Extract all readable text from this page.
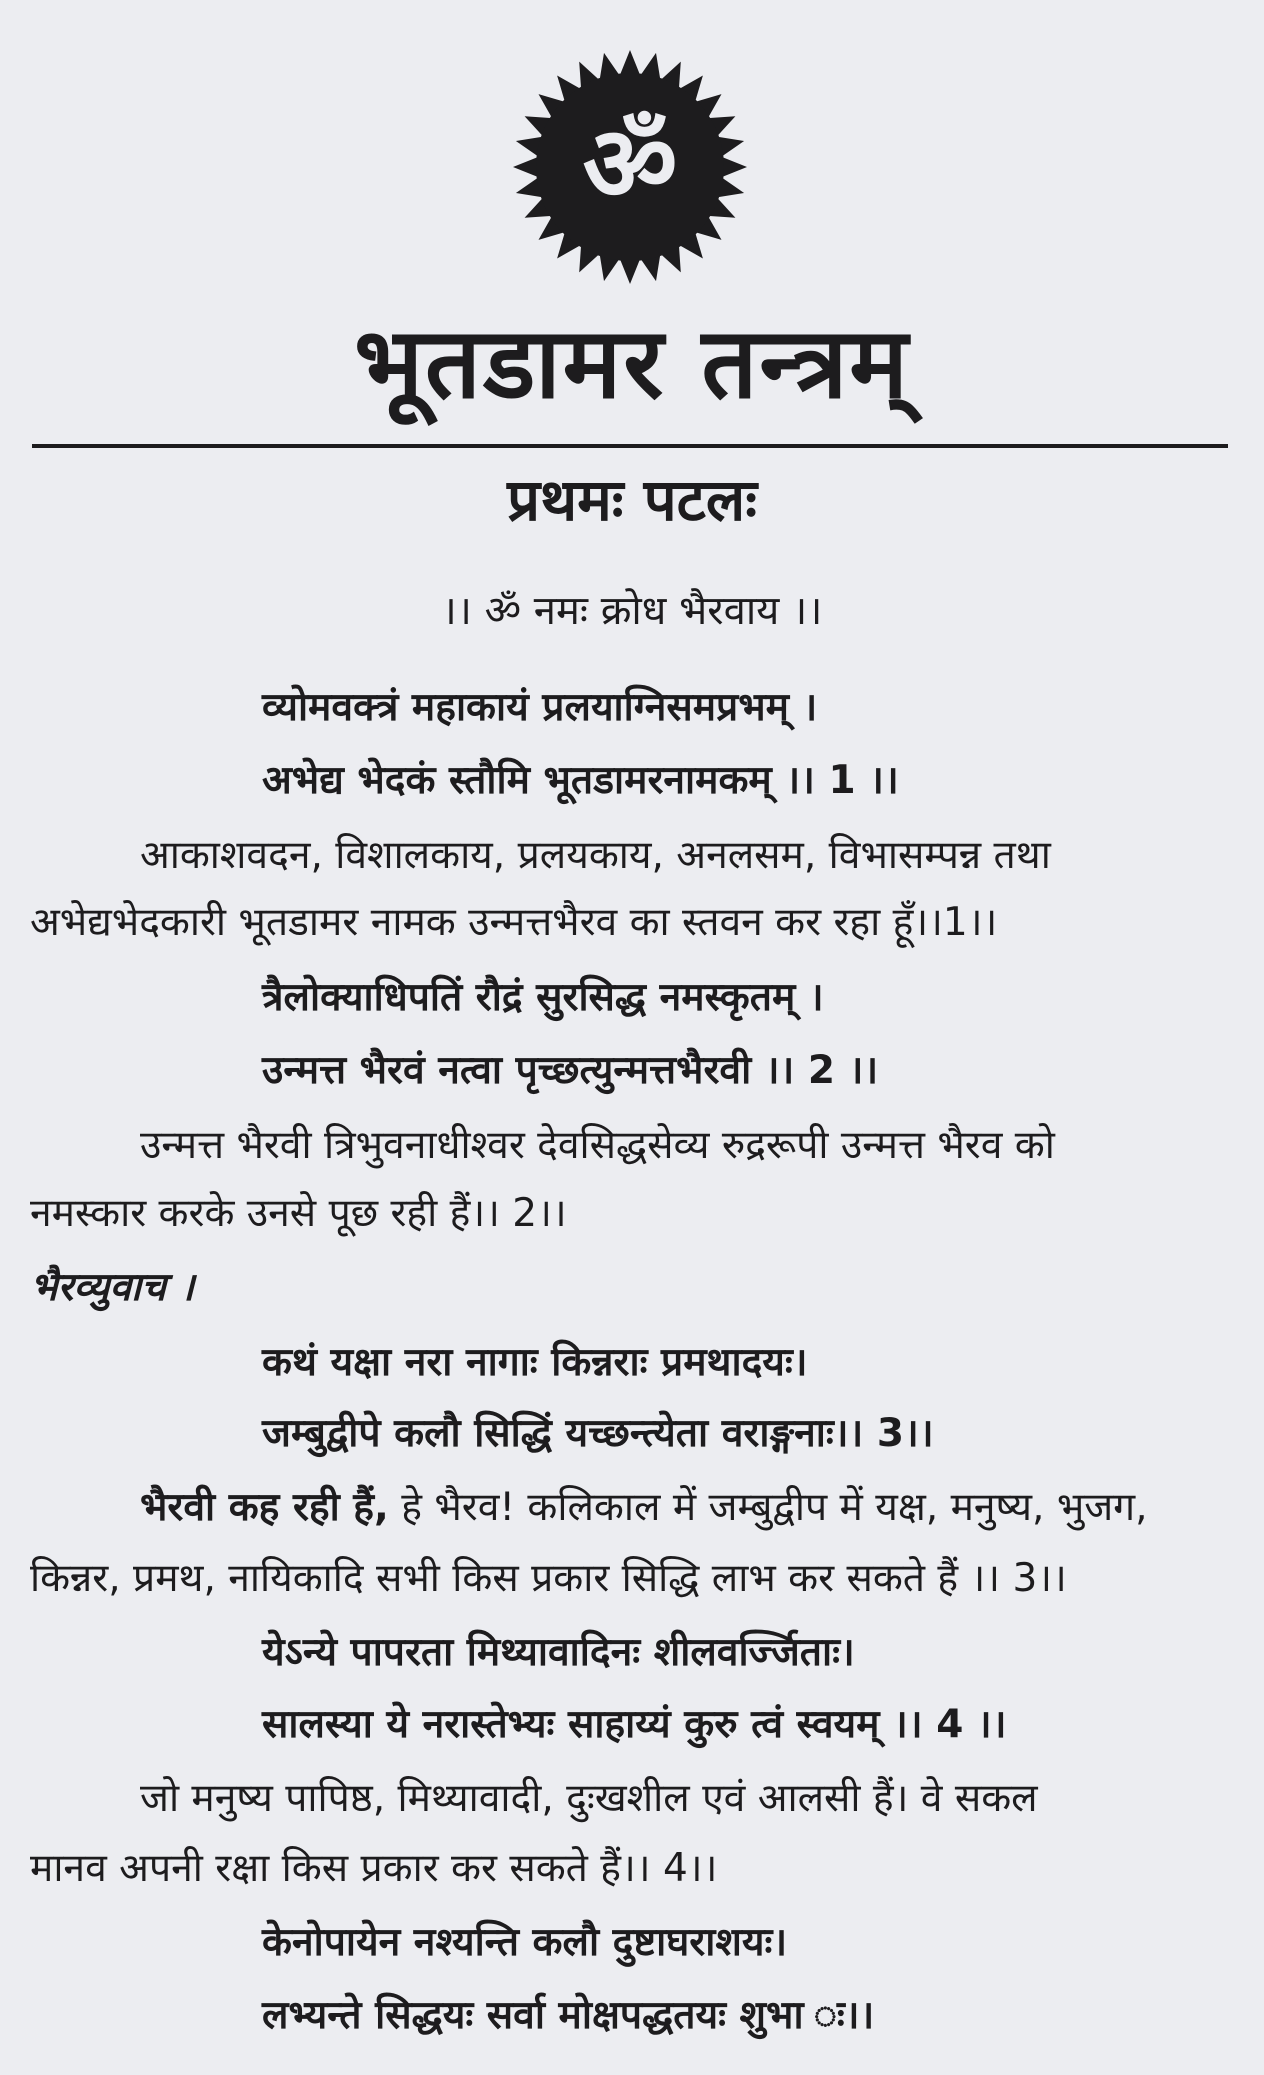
ॐ
भूतडामर तन्त्रम्
प्रथमः पटलः
।। ॐ नमः क्रोध भैरवाय ।।
व्योमवक्त्रं महाकायं प्रलयाग्निसमप्रभम् ।
अभेद्य भेदकं स्तौमि भूतडामरनामकम् ।। 1 ।।
आकाशवदन, विशालकाय, प्रलयकाय, अनलसम, विभासम्पन्न तथा
अभेद्यभेदकारी भूतडामर नामक उन्मत्तभैरव का स्तवन कर रहा हूँ।।1।।
त्रैलोक्याधिपतिं रौद्रं सुरसिद्ध नमस्कृतम् ।
उन्मत्त भैरवं नत्वा पृच्छत्युन्मत्तभैरवी ।। 2 ।।
उन्मत्त भैरवी त्रिभुवनाधीश्वर देवसिद्धसेव्य रुद्ररूपी उन्मत्त भैरव को
नमस्कार करके उनसे पूछ रही हैं।। 2।।
भैरव्युवाच ।
कथं यक्षा नरा नागाः किन्नराः प्रमथादयः।
जम्बुद्वीपे कलौ सिद्धिं यच्छन्त्येता वराङ्गनाः।। 3।।
भैरवी कह रही हैं, हे भैरव! कलिकाल में जम्बुद्वीप में यक्ष, मनुष्य, भुजग,
किन्नर, प्रमथ, नायिकादि सभी किस प्रकार सिद्धि लाभ कर सकते हैं ।। 3।।
येऽन्ये पापरता मिथ्यावादिनः शीलवर्ज्जिताः।
सालस्या ये नरास्तेभ्यः साहाय्यं कुरु त्वं स्वयम् ।। 4 ।।
जो मनुष्य पापिष्ठ, मिथ्यावादी, दुःखशील एवं आलसी हैं। वे सकल
मानव अपनी रक्षा किस प्रकार कर सकते हैं।। 4।।
केनोपायेन नश्यन्ति कलौ दुष्टाघराशयः।
लभ्यन्ते सिद्धयः सर्वा मोक्षपद्धतयः शुभा ः।।
